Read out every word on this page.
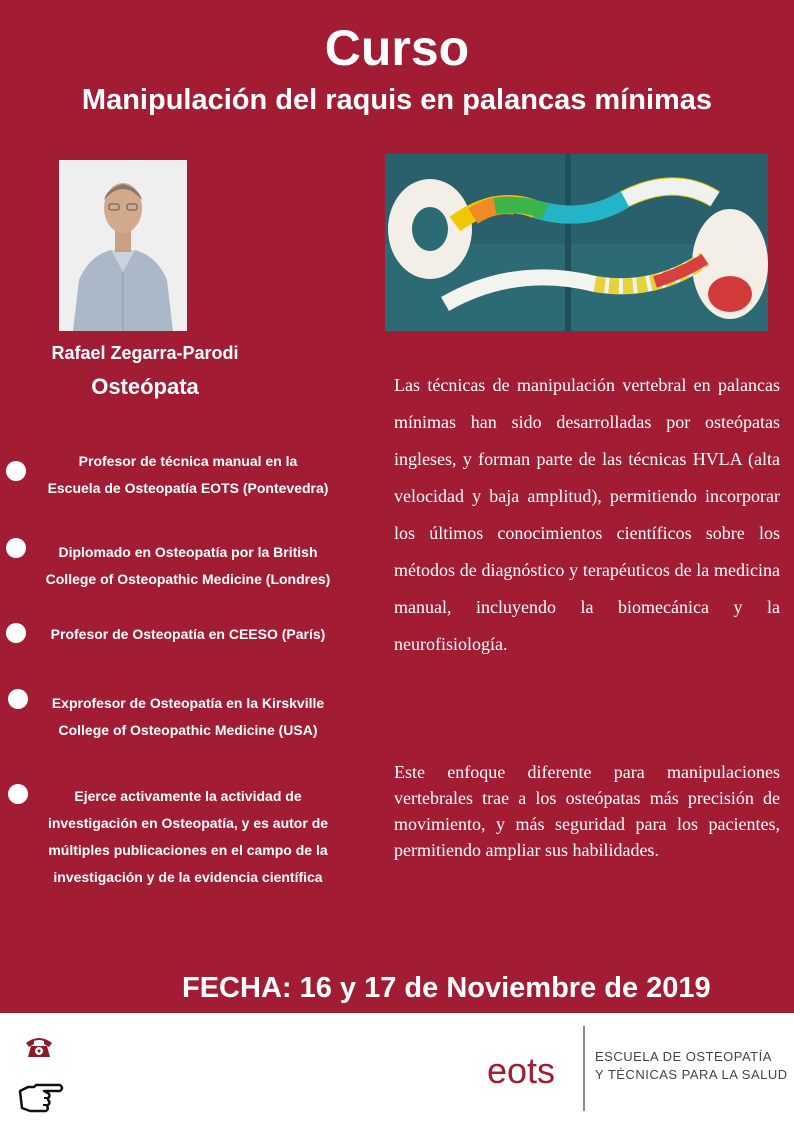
Curso
Manipulación del raquis en palancas mínimas
Rafael Zegarra-Parodi
Osteópata
Profesor de técnica manual en la
Escuela de Osteopatía EOTS (Pontevedra)
Diplomado en Osteopatía por la British
College of Osteopathic Medicine (Londres)
Profesor de Osteopatía en CEESO (París)
Exprofesor de Osteopatía en la Kirskville
College of Osteopathic Medicine (USA)
Ejerce activamente la actividad de
investigación en Osteopatía, y es autor de
múltiples publicaciones en el campo de la
investigación y de la evidencia científica
Las técnicas de manipulación vertebral en palancas mínimas han sido desarrolladas por osteópatas ingleses, y forman parte de las técnicas HVLA (alta velocidad y baja amplitud), permitiendo incorporar los últimos conocimientos científicos sobre los métodos de diagnóstico y terapéuticos de la medicina manual, incluyendo la biomecánica y la
neurofisiología.
Este enfoque diferente para manipulaciones vertebrales trae a los osteópatas más precisión de movimiento, y más seguridad para los pacientes,
permitiendo ampliar sus habilidades.
FECHA: 16 y 17 de Noviembre de 2019
986.852.531
escuelaosteopatiaeots.es
eots	ESCUELA DE OSTEOPATÍA
Y TÉCNICAS PARA LA SALUD
